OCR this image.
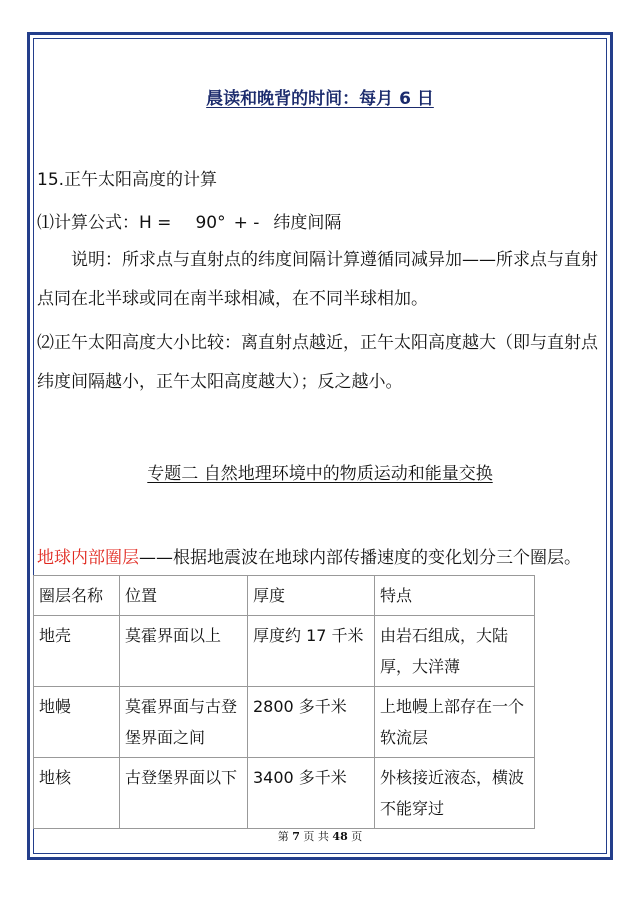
晨读和晚背的时间：每月 6 日
15.正午太阳高度的计算
⑴计算公式：H = 90° + - 纬度间隔
说明：所求点与直射点的纬度间隔计算遵循同减异加——所求点与直射点同在北半球或同在南半球相减，在不同半球相加。
⑵正午太阳高度大小比较：离直射点越近，正午太阳高度越大（即与直射点纬度间隔越小，正午太阳高度越大）；反之越小。
专题二 自然地理环境中的物质运动和能量交换
地球内部圈层——根据地震波在地球内部传播速度的变化划分三个圈层。
圈层名称	位置	厚度	特点
地壳	莫霍界面以上	厚度约 17 千米	由岩石组成，大陆厚，大洋薄
地幔	莫霍界面与古登堡界面之间	2800 多千米	上地幔上部存在一个软流层
地核	古登堡界面以下	3400 多千米	外核接近液态，横波不能穿过
第 7 页 共 48 页
